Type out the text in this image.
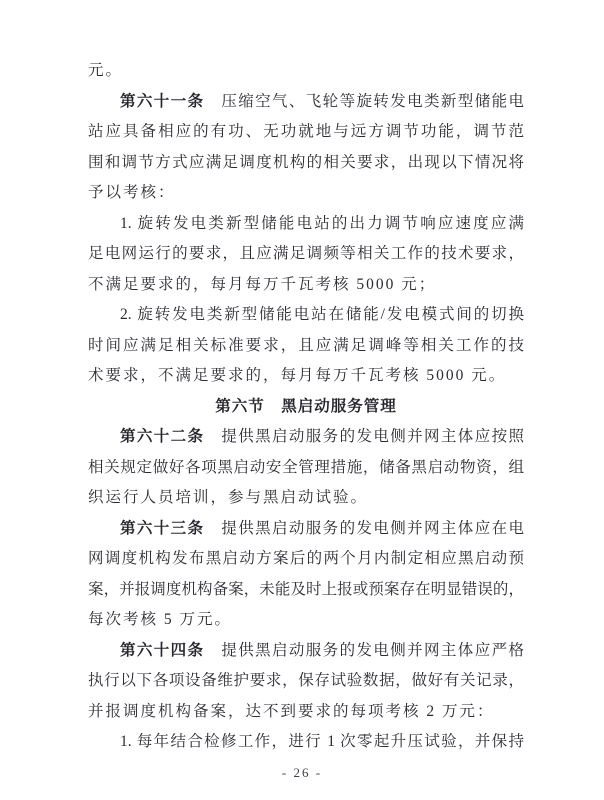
元。
第六十一条　压缩空气、飞轮等旋转发电类新型储能电
站应具备相应的有功、无功就地与远方调节功能，调节范
围和调节方式应满足调度机构的相关要求，出现以下情况将
予以考核：
1. 旋转发电类新型储能电站的出力调节响应速度应满
足电网运行的要求，且应满足调频等相关工作的技术要求，
不满足要求的，每月每万千瓦考核 5000 元；
2. 旋转发电类新型储能电站在储能/发电模式间的切换
时间应满足相关标准要求，且应满足调峰等相关工作的技
术要求，不满足要求的，每月每万千瓦考核 5000 元。
第六节　黑启动服务管理
第六十二条　提供黑启动服务的发电侧并网主体应按照
相关规定做好各项黑启动安全管理措施，储备黑启动物资，组
织运行人员培训，参与黑启动试验。
第六十三条　提供黑启动服务的发电侧并网主体应在电
网调度机构发布黑启动方案后的两个月内制定相应黑启动预
案，并报调度机构备案，未能及时上报或预案存在明显错误的，
每次考核 5 万元。
第六十四条　提供黑启动服务的发电侧并网主体应严格
执行以下各项设备维护要求，保存试验数据，做好有关记录，
并报调度机构备案，达不到要求的每项考核 2 万元：
1. 每年结合检修工作，进行 1 次零起升压试验，并保持
- 26 -
